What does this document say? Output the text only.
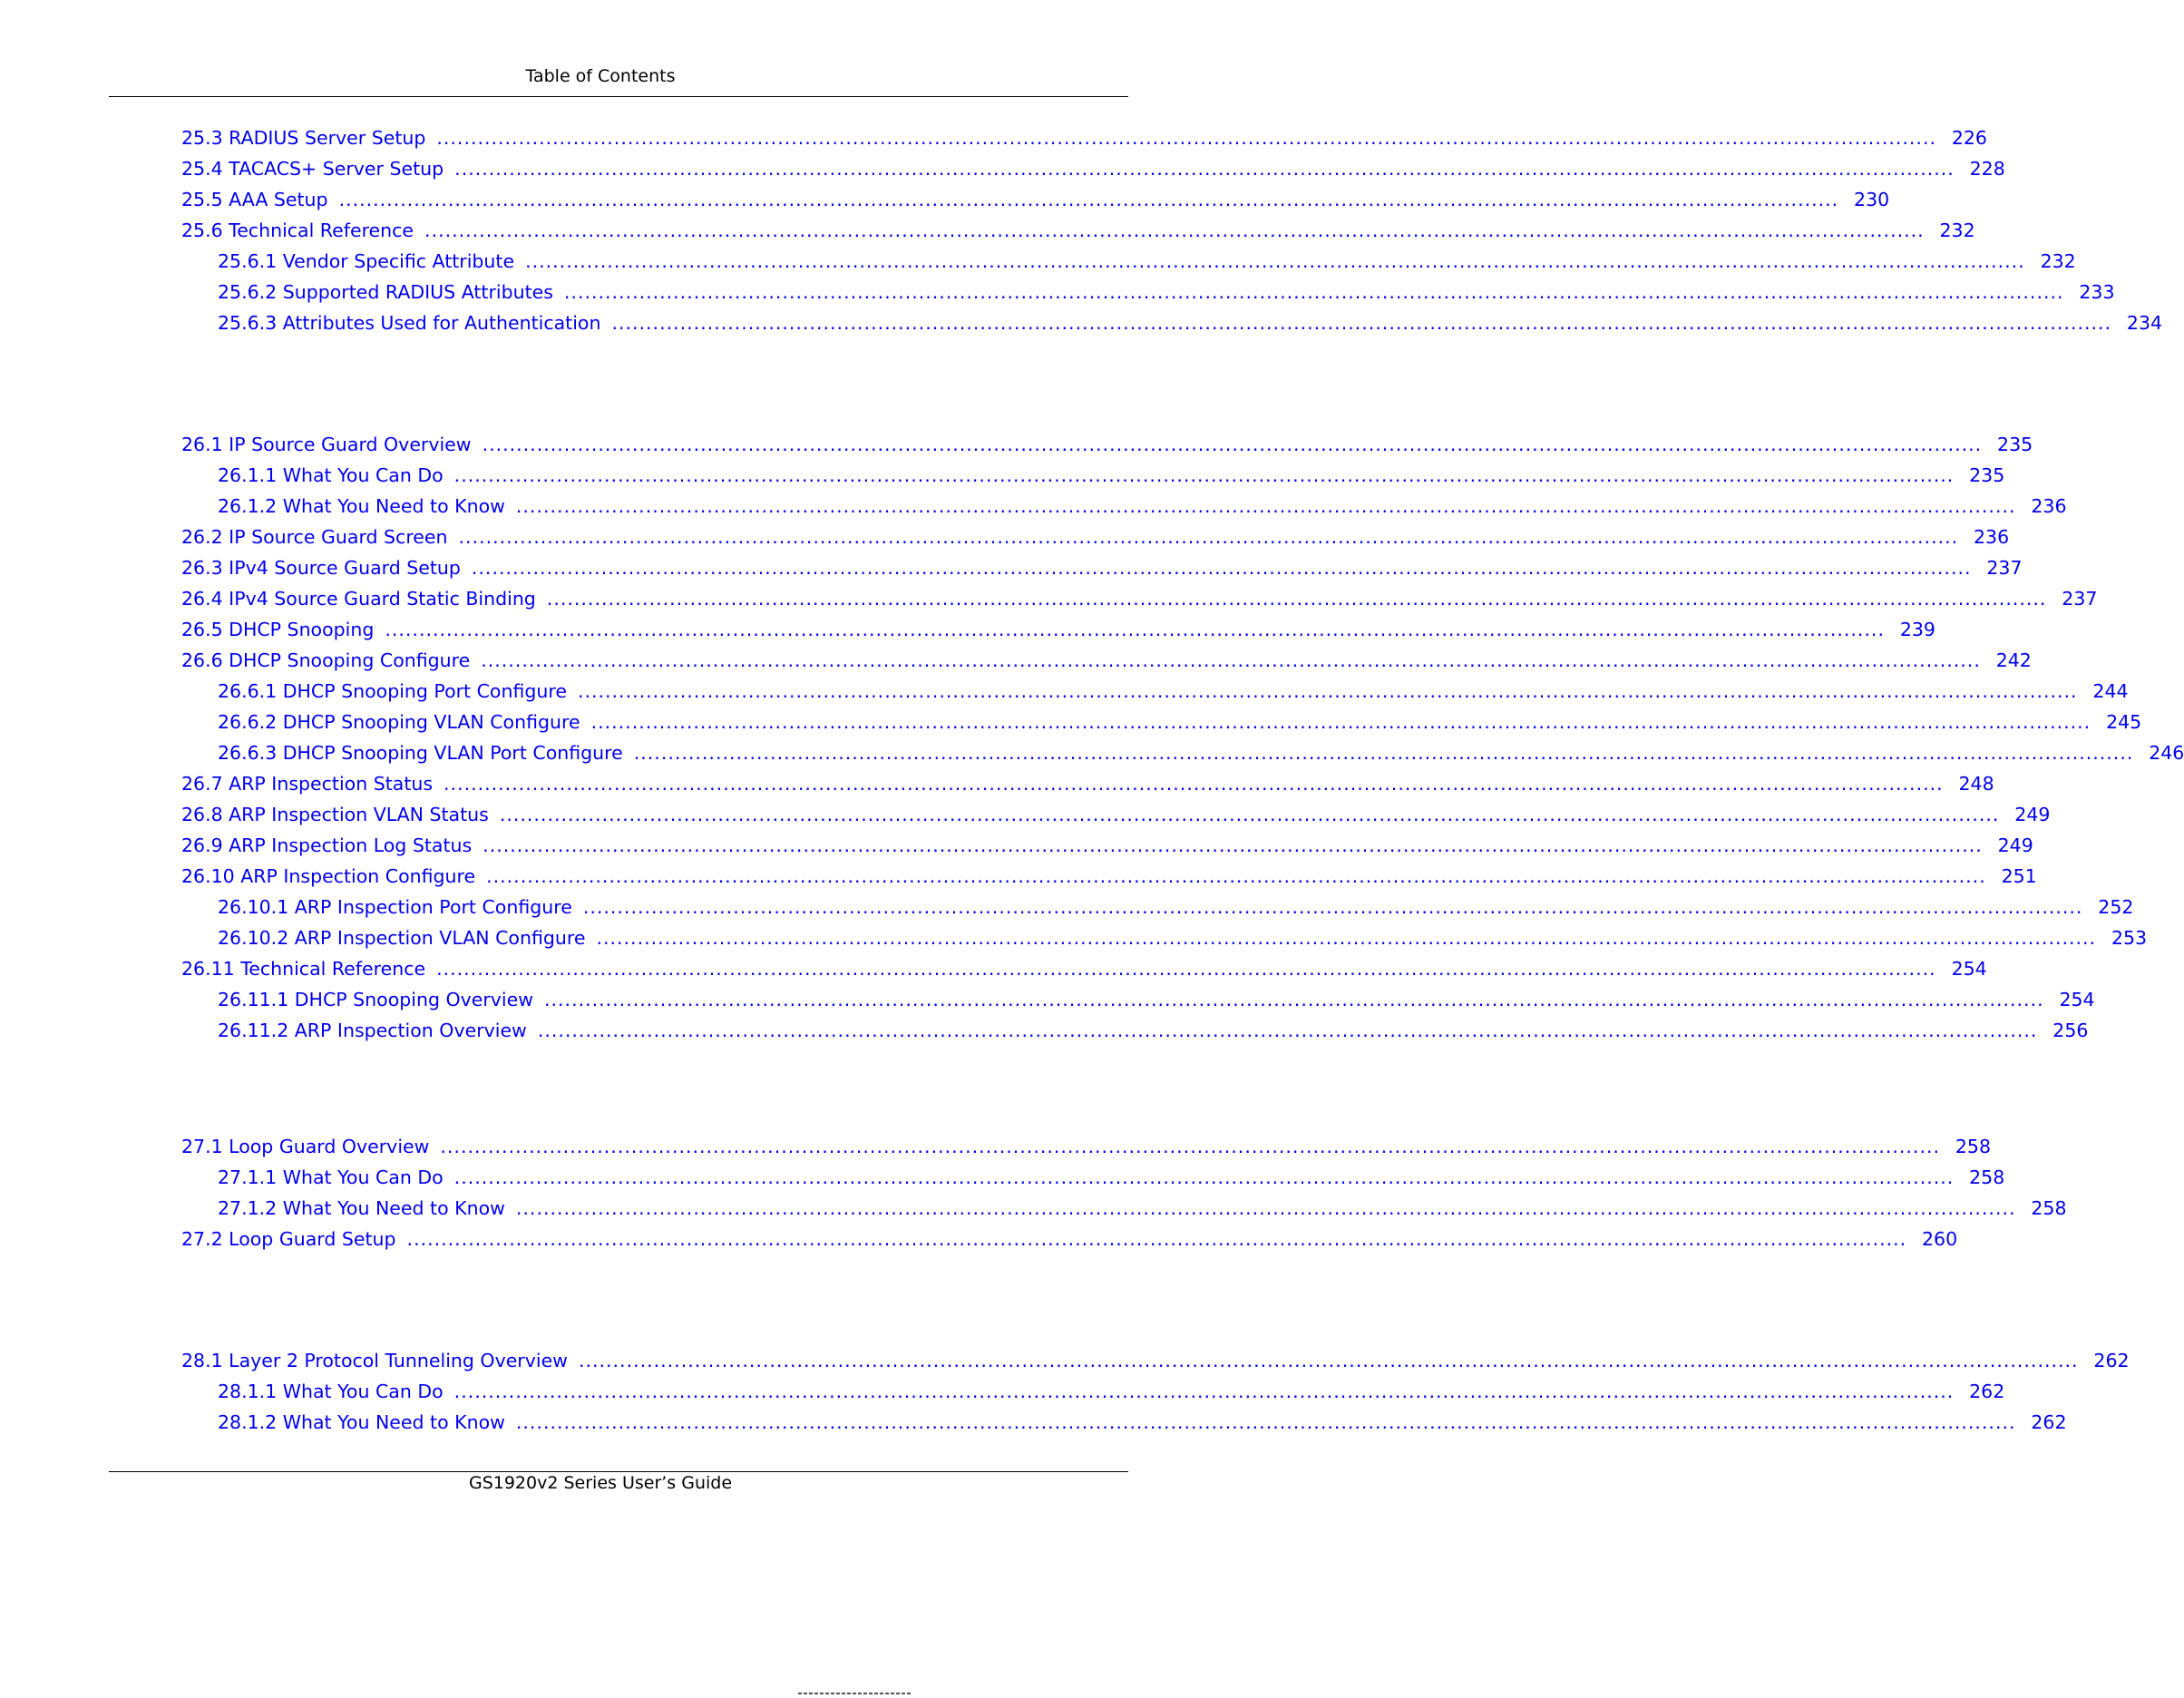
Table of Contents
25.3 RADIUS Server Setup ............................................................................................................................................................................................................................ 226
25.4 TACACS+ Server Setup ............................................................................................................................................................................................................................ 228
25.5 AAA Setup ............................................................................................................................................................................................................................ 230
25.6 Technical Reference ............................................................................................................................................................................................................................ 232
25.6.1 Vendor Specific Attribute ............................................................................................................................................................................................................................ 232
25.6.2 Supported RADIUS Attributes ............................................................................................................................................................................................................................ 233
25.6.3 Attributes Used for Authentication ............................................................................................................................................................................................................................ 234
26.1 IP Source Guard Overview ............................................................................................................................................................................................................................ 235
26.1.1 What You Can Do ............................................................................................................................................................................................................................ 235
26.1.2 What You Need to Know ............................................................................................................................................................................................................................ 236
26.2 IP Source Guard Screen ............................................................................................................................................................................................................................ 236
26.3 IPv4 Source Guard Setup ............................................................................................................................................................................................................................ 237
26.4 IPv4 Source Guard Static Binding ............................................................................................................................................................................................................................ 237
26.5 DHCP Snooping ............................................................................................................................................................................................................................ 239
26.6 DHCP Snooping Configure ............................................................................................................................................................................................................................ 242
26.6.1 DHCP Snooping Port Configure ............................................................................................................................................................................................................................ 244
26.6.2 DHCP Snooping VLAN Configure ............................................................................................................................................................................................................................ 245
26.6.3 DHCP Snooping VLAN Port Configure ............................................................................................................................................................................................................................ 246
26.7 ARP Inspection Status ............................................................................................................................................................................................................................ 248
26.8 ARP Inspection VLAN Status ............................................................................................................................................................................................................................ 249
26.9 ARP Inspection Log Status ............................................................................................................................................................................................................................ 249
26.10 ARP Inspection Configure ............................................................................................................................................................................................................................ 251
26.10.1 ARP Inspection Port Configure ............................................................................................................................................................................................................................ 252
26.10.2 ARP Inspection VLAN Configure ............................................................................................................................................................................................................................ 253
26.11 Technical Reference ............................................................................................................................................................................................................................ 254
26.11.1 DHCP Snooping Overview ............................................................................................................................................................................................................................ 254
26.11.2 ARP Inspection Overview ............................................................................................................................................................................................................................ 256
27.1 Loop Guard Overview ............................................................................................................................................................................................................................ 258
27.1.1 What You Can Do ............................................................................................................................................................................................................................ 258
27.1.2 What You Need to Know ............................................................................................................................................................................................................................ 258
27.2 Loop Guard Setup ............................................................................................................................................................................................................................ 260
28.1 Layer 2 Protocol Tunneling Overview ............................................................................................................................................................................................................................ 262
28.1.1 What You Can Do ............................................................................................................................................................................................................................ 262
28.1.2 What You Need to Know ............................................................................................................................................................................................................................ 262
GS1920v2 Series User’s Guide
